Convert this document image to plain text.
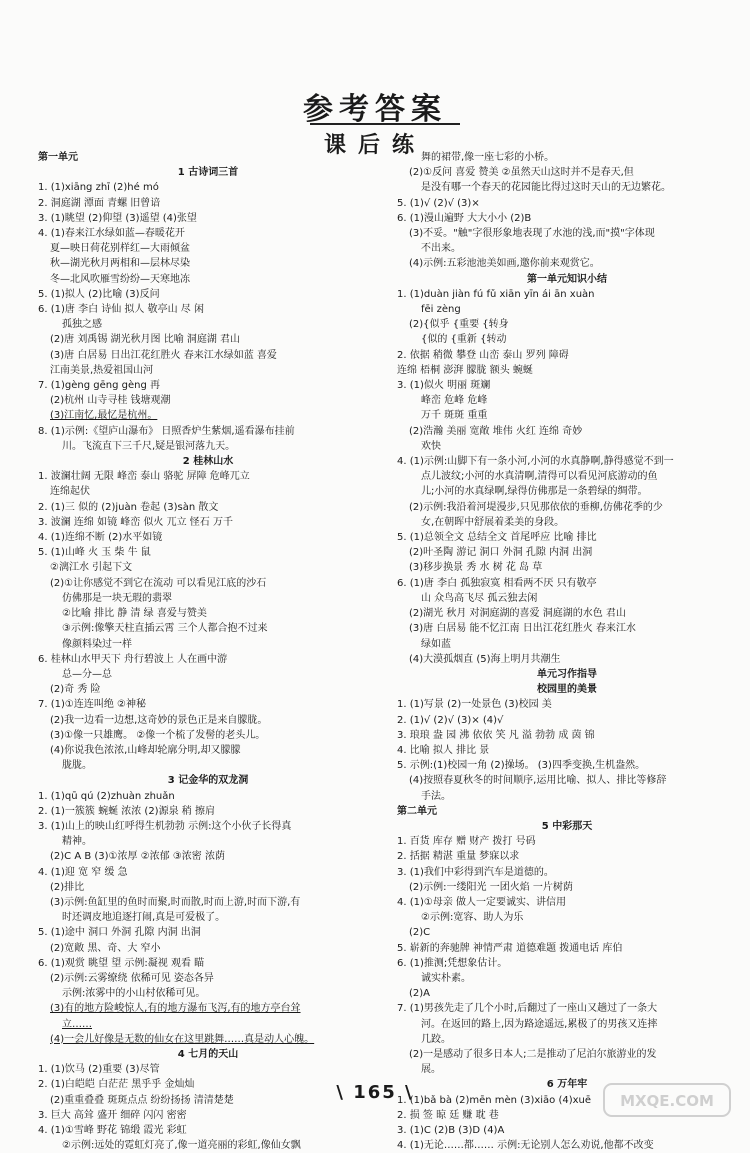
参考答案
课后练
第一单元
1 古诗词三首
1. (1)xiāng zhī (2)hé mó
2. 洞庭湖 潭面 青螺 旧曾谙
3. (1)眺望 (2)仰望 (3)遥望 (4)张望
4. (1)春来江水绿如蓝—春暖花开
夏—映日荷花别样红—大雨倾盆
秋—湖光秋月两相和—层林尽染
冬—北风吹雁雪纷纷—天寒地冻
5. (1)拟人 (2)比喻 (3)反问
6. (1)唐 李白 诗仙 拟人 敬亭山 尽 闲
孤独之感
(2)唐 刘禹锡 湖光秋月图 比喻 洞庭湖 君山
(3)唐 白居易 日出江花红胜火 春来江水绿如蓝 喜爱
江南美景,热爱祖国山河
7. (1)gèng gēng gèng 再
(2)杭州 山寺寻桂 钱塘观潮
(3)江南忆,最忆是杭州。
8. (1)示例:《望庐山瀑布》 日照香炉生紫烟,遥看瀑布挂前
川。飞流直下三千尺,疑是银河落九天。
2 桂林山水
1. 波澜壮阔 无限 峰峦 泰山 骆驼 屏障 危峰兀立
连绵起伏
2. (1)三 似的 (2)juàn 卷起 (3)sàn 散文
3. 波澜 连绵 如镜 峰峦 似火 兀立 怪石 万千
4. (1)连绵不断 (2)水平如镜
5. (1)山峰 火 玉 柴 牛 鼠
②漓江水 引起下文
(2)①让你感觉不到它在流动 可以看见江底的沙石
仿佛那是一块无瑕的翡翠
②比喻 排比 静 清 绿 喜爱与赞美
③示例:像擎天柱直插云霄 三个人都合抱不过来
像颜料染过一样
6. 桂林山水甲天下 舟行碧波上 人在画中游
总—分—总
(2)奇 秀 险
7. (1)①连连叫绝 ②神秘
(2)我一边看一边想,这奇妙的景色正是来自朦胧。
(3)①像一只雄鹰。 ②像一个梳了发髻的老头儿。
(4)你说我色浓浓,山峰却轮廓分明,却又朦朦
胧胧。
3 记金华的双龙洞
1. (1)qū qú (2)zhuàn zhuǎn
2. (1)一簇簇 蜿蜒 浓浓 (2)源泉 稍 擦肩
3. (1)山上的映山红呼得生机勃勃 示例:这个小伙子长得真
精神。
(2)C A B (3)①浓厚 ②浓郁 ③浓密 浓荫
4. (1)迎 宽 窄 缓 急
(2)排比
(3)示例:鱼缸里的鱼时而聚,时而散,时而上游,时而下游,有
时还调皮地追逐打闹,真是可爱极了。
5. (1)途中 洞口 外洞 孔隙 内洞 出洞
(2)宽敞 黑、奇、大 窄小
6. (1)观赏 眺望 望 示例:凝视 观看 瞄
(2)示例:云雾缭绕 依稀可见 姿态各异
示例:浓雾中的小山村依稀可见。
(3)有的地方险峻惊人,有的地方瀑布飞泻,有的地方亭台耸
立……
(4)一会儿好像是无数的仙女在这里跳舞……真是动人心魄。
4 七月的天山
1. (1)饮马 (2)重要 (3)尽管
2. (1)白皑皑 白茫茫 黑乎乎 金灿灿
(2)重重叠叠 斑斑点点 纷纷扬扬 清清楚楚
3. 巨大 高耸 盛开 细碎 闪闪 密密
4. (1)①雪峰 野花 锦缎 霞光 彩虹
②示例:远处的霓虹灯亮了,像一道亮丽的彩虹,像仙女飘
舞的裙带,像一座七彩的小桥。
(2)①反问 喜爱 赞美 ②虽然天山这时并不是春天,但
是没有哪一个春天的花园能比得过这时天山的无边繁花。
5. (1)√ (2)√ (3)×
6. (1)漫山遍野 大大小小 (2)B
(3)不妥。"触"字很形象地表现了水池的浅,而"摸"字体现
不出来。
(4)示例:五彩池池美如画,邀你前来观赏它。
第一单元知识小结
1. (1)duàn jiàn fú fǔ xiān yīn ái ān xuàn
fēi zèng
(2){似乎 {重要 {转身
{似的 {重新 {转动
2. 依据 稍微 攀登 山峦 泰山 罗列 障碍
连绵 梧桐 澎湃 朦胧 额头 蜿蜒
3. (1)似火 明丽 斑斓
峰峦 危峰 危峰
万千 斑斑 重重
(2)浩瀚 美丽 宽敞 堆伟 火红 连绵 奇妙
欢快
4. (1)示例:山脚下有一条小河,小河的水真静啊,静得感觉不到一
点儿波纹;小河的水真清啊,清得可以看见河底游动的鱼
儿;小河的水真绿啊,绿得仿佛那是一条碧绿的绸带。
(2)示例:我沿着河堤漫步,只见那依依的垂柳,仿佛花季的少
女,在朝晖中舒展着柔美的身段。
5. (1)总领全文 总结全文 首尾呼应 比喻 排比
(2)叶圣陶 游记 洞口 外洞 孔隙 内洞 出洞
(3)移步换景 秀 水 树 花 岛 草
6. (1)唐 李白 孤独寂寞 相看两不厌 只有敬亭
山 众鸟高飞尽 孤云独去闲
(2)湖光 秋月 对洞庭湖的喜爱 洞庭湖的水色 君山
(3)唐 白居易 能不忆江南 日出江花红胜火 春来江水
绿如蓝
(4)大漠孤烟直 (5)海上明月共潮生
单元习作指导
校园里的美景
1. (1)写景 (2)一处景色 (3)校园 美
2. (1)√ (2)√ (3)× (4)√
3. 琅琅 盎 园 沸 依依 笑 凡 溢 勃勃 成 茵 锦
4. 比喻 拟人 排比 景
5. 示例:(1)校园一角 (2)操场。 (3)四季变换,生机盎然。
(4)按照春夏秋冬的时间顺序,运用比喻、拟人、排比等修辞
手法。
第二单元
5 中彩那天
1. 百货 库存 赠 财产 拨打 号码
2. 括据 精湛 重量 梦寐以求
3. (1)我们中彩得到汽车是道德的。
(2)示例:一缕阳光 一团火焰 一片树荫
4. (1)①母亲 做人一定要诚实、讲信用
②示例:宽容、助人为乐
(2)C
5. 崭新的奔驰牌 神情严肃 道德难题 拨通电话 库伯
6. (1)推测;凭想象估计。
诚实朴素。
(2)A
7. (1)男孩先走了几个小时,后翻过了一座山又趟过了一条大
河。在返回的路上,因为路途遥远,累极了的男孩又连摔
几跤。
(2)一是感动了很多日本人;二是推动了尼泊尔旅游业的发
展。
6 万年牢
1. (1)bǎ bà (2)mēn mèn (3)xiāo (4)xuē
2. 损 签 晾 廷 赚 耽 巷
3. (1)C (2)B (3)D (4)A
4. (1)无论……都…… 示例:无论别人怎么劝说,他都不改变
\ 165 \	MXQE.COM
